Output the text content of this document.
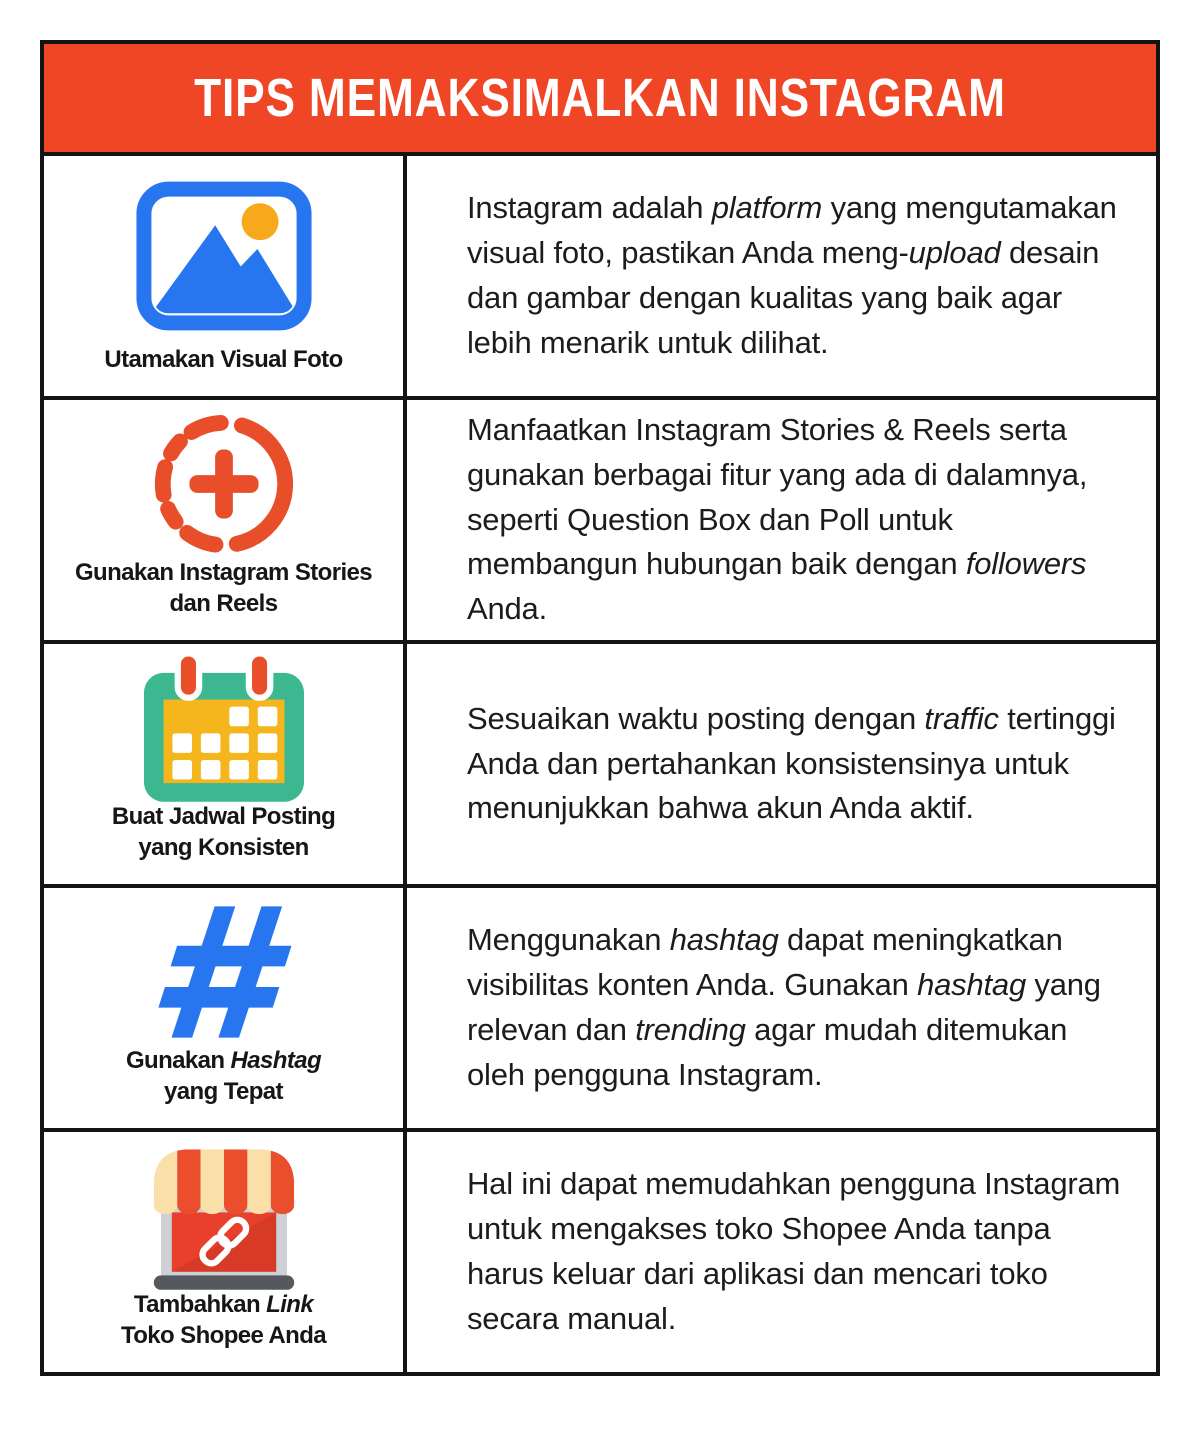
TIPS MEMAKSIMALKAN INSTAGRAM
Utamakan Visual Foto

Instagram adalah platform yang mengutamakan visual foto, pastikan Anda meng-upload desain dan gambar dengan kualitas yang baik agar lebih menarik untuk dilihat.

Gunakan Instagram Stories
dan Reels

Manfaatkan Instagram Stories & Reels serta gunakan berbagai fitur yang ada di dalamnya, seperti Question Box dan Poll untuk membangun hubungan baik dengan followers Anda.

Buat Jadwal Posting
yang Konsisten

Sesuaikan waktu posting dengan traffic tertinggi Anda dan pertahankan konsistensinya untuk menunjukkan bahwa akun Anda aktif.

Gunakan Hashtag
yang Tepat

Menggunakan hashtag dapat meningkatkan visibilitas konten Anda. Gunakan hashtag yang relevan dan trending agar mudah ditemukan oleh pengguna Instagram.

Tambahkan Link
Toko Shopee Anda

Hal ini dapat memudahkan pengguna Instagram untuk mengakses toko Shopee Anda tanpa harus keluar dari aplikasi dan mencari toko secara manual.
